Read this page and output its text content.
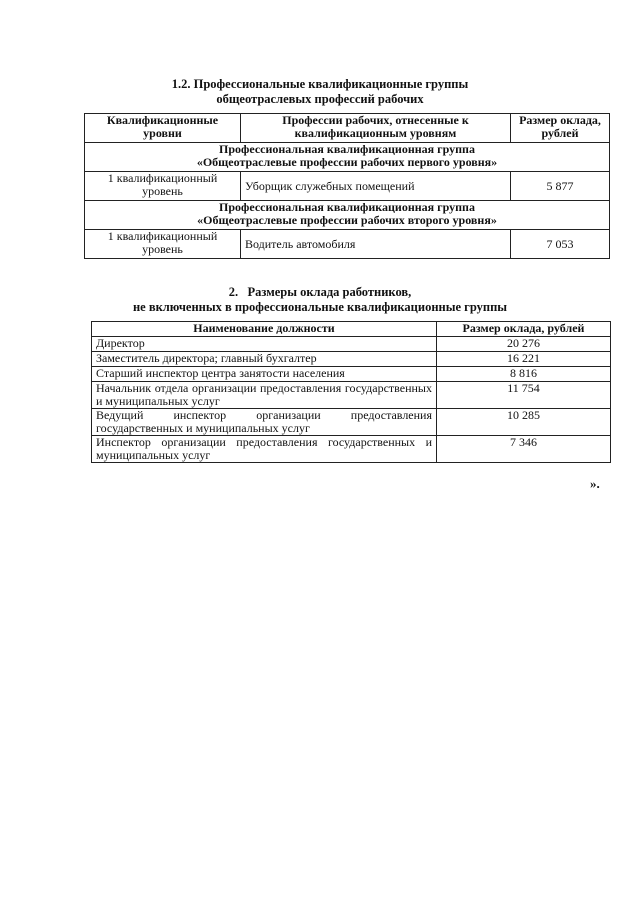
1.2. Профессиональные квалификационные группы
общеотраслевых профессий рабочих
Квалификационные уровни	Профессии рабочих, отнесенные к квалификационным уровням	Размер оклада, рублей

Профессиональная квалификационная группа
«Общеотраслевые профессии рабочих первого уровня»		

1 квалификационный уровень	Уборщик служебных помещений	5 877

Профессиональная квалификационная группа
«Общеотраслевые профессии рабочих второго уровня»		

1 квалификационный уровень	Водитель автомобиля	7 053
2.   Размеры оклада работников,
не включенных в профессиональные квалификационные группы
Наименование должности	Размер оклада, рублей
Директор	20 276
Заместитель директора; главный бухгалтер	16 221
Старший инспектор центра занятости населения	8 816
Начальник отдела организации предоставления государственных и муниципальных услуг	11 754
Ведущий инспектор организации предоставления государственных и муниципальных услуг	10 285
Инспектор организации предоставления государственных и муниципальных услуг	7 346
».
